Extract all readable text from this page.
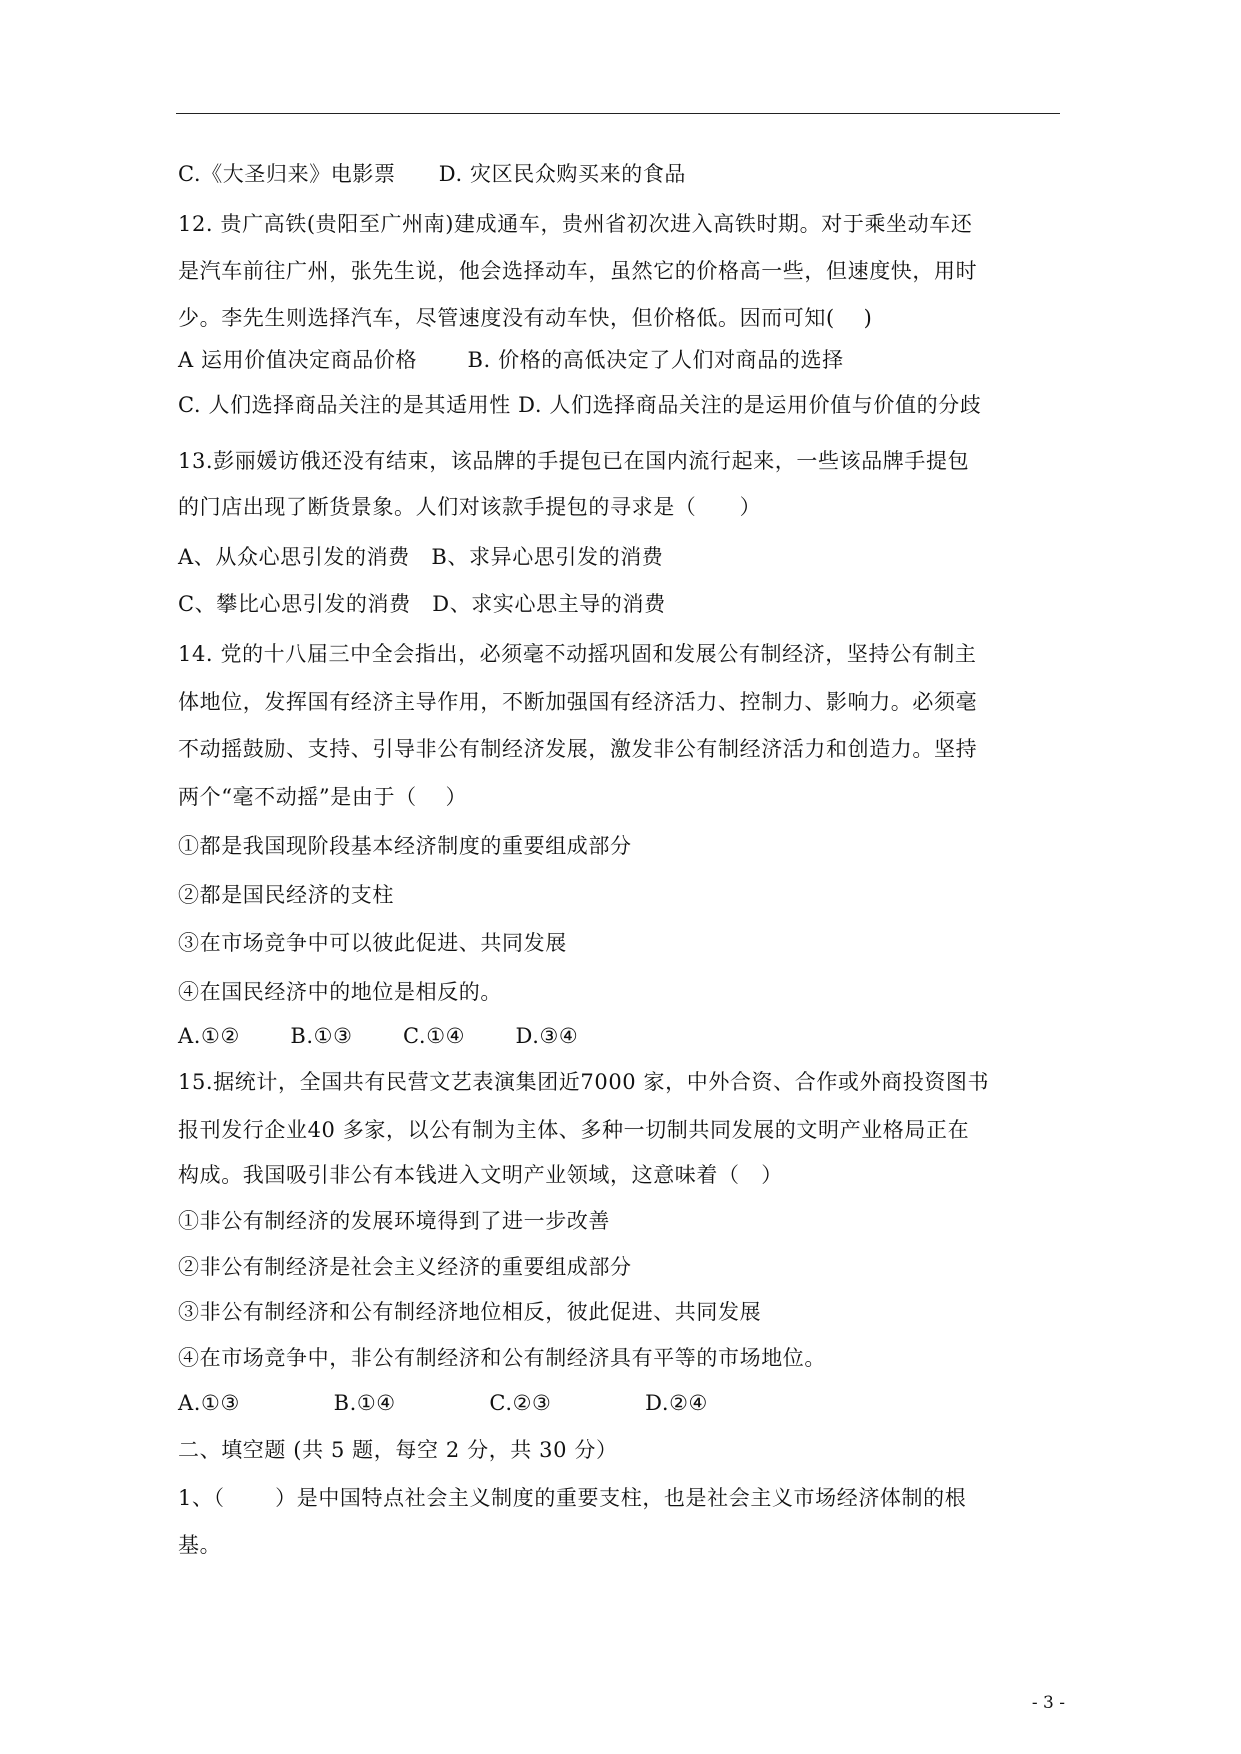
C.《大圣归来》电影票　　D. 灾区民众购买来的食品
12. 贵广高铁(贵阳至广州南)建成通车，贵州省初次进入高铁时期。对于乘坐动车还
是汽车前往广州，张先生说，他会选择动车，虽然它的价格高一些，但速度快，用时
少。李先生则选择汽车，尽管速度没有动车快，但价格低。因而可知(　 )
A 运用价值决定商品价格　　 B. 价格的高低决定了人们对商品的选择
C. 人们选择商品关注的是其适用性 D. 人们选择商品关注的是运用价值与价值的分歧
13.彭丽媛访俄还没有结束，该品牌的手提包已在国内流行起来，一些该品牌手提包
的门店出现了断货景象。人们对该款手提包的寻求是（　　）
A、从众心思引发的消费　B、求异心思引发的消费
C、攀比心思引发的消费　D、求实心思主导的消费
14. 党的十八届三中全会指出，必须毫不动摇巩固和发展公有制经济，坚持公有制主
体地位，发挥国有经济主导作用，不断加强国有经济活力、控制力、影响力。必须毫
不动摇鼓励、支持、引导非公有制经济发展，激发非公有制经济活力和创造力。坚持
两个“毫不动摇”是由于（　 ）
①都是我国现阶段基本经济制度的重要组成部分
②都是国民经济的支柱
③在市场竞争中可以彼此促进、共同发展
④在国民经济中的地位是相反的。
A.①②　　 B.①③　　 C.①④　　 D.③④
15.据统计，全国共有民营文艺表演集团近7000 家，中外合资、合作或外商投资图书
报刊发行企业40 多家，以公有制为主体、多种一切制共同发展的文明产业格局正在
构成。我国吸引非公有本钱进入文明产业领域，这意味着（　）
①非公有制经济的发展环境得到了进一步改善
②非公有制经济是社会主义经济的重要组成部分
③非公有制经济和公有制经济地位相反，彼此促进、共同发展
④在市场竞争中，非公有制经济和公有制经济具有平等的市场地位。
A.①③　　　　 B.①④　　　　 C.②③　　　　 D.②④
二、填空题 (共 5 题，每空 2 分，共 30 分）
1、（　　 ）是中国特点社会主义制度的重要支柱，也是社会主义市场经济体制的根
基。
- 3 -
